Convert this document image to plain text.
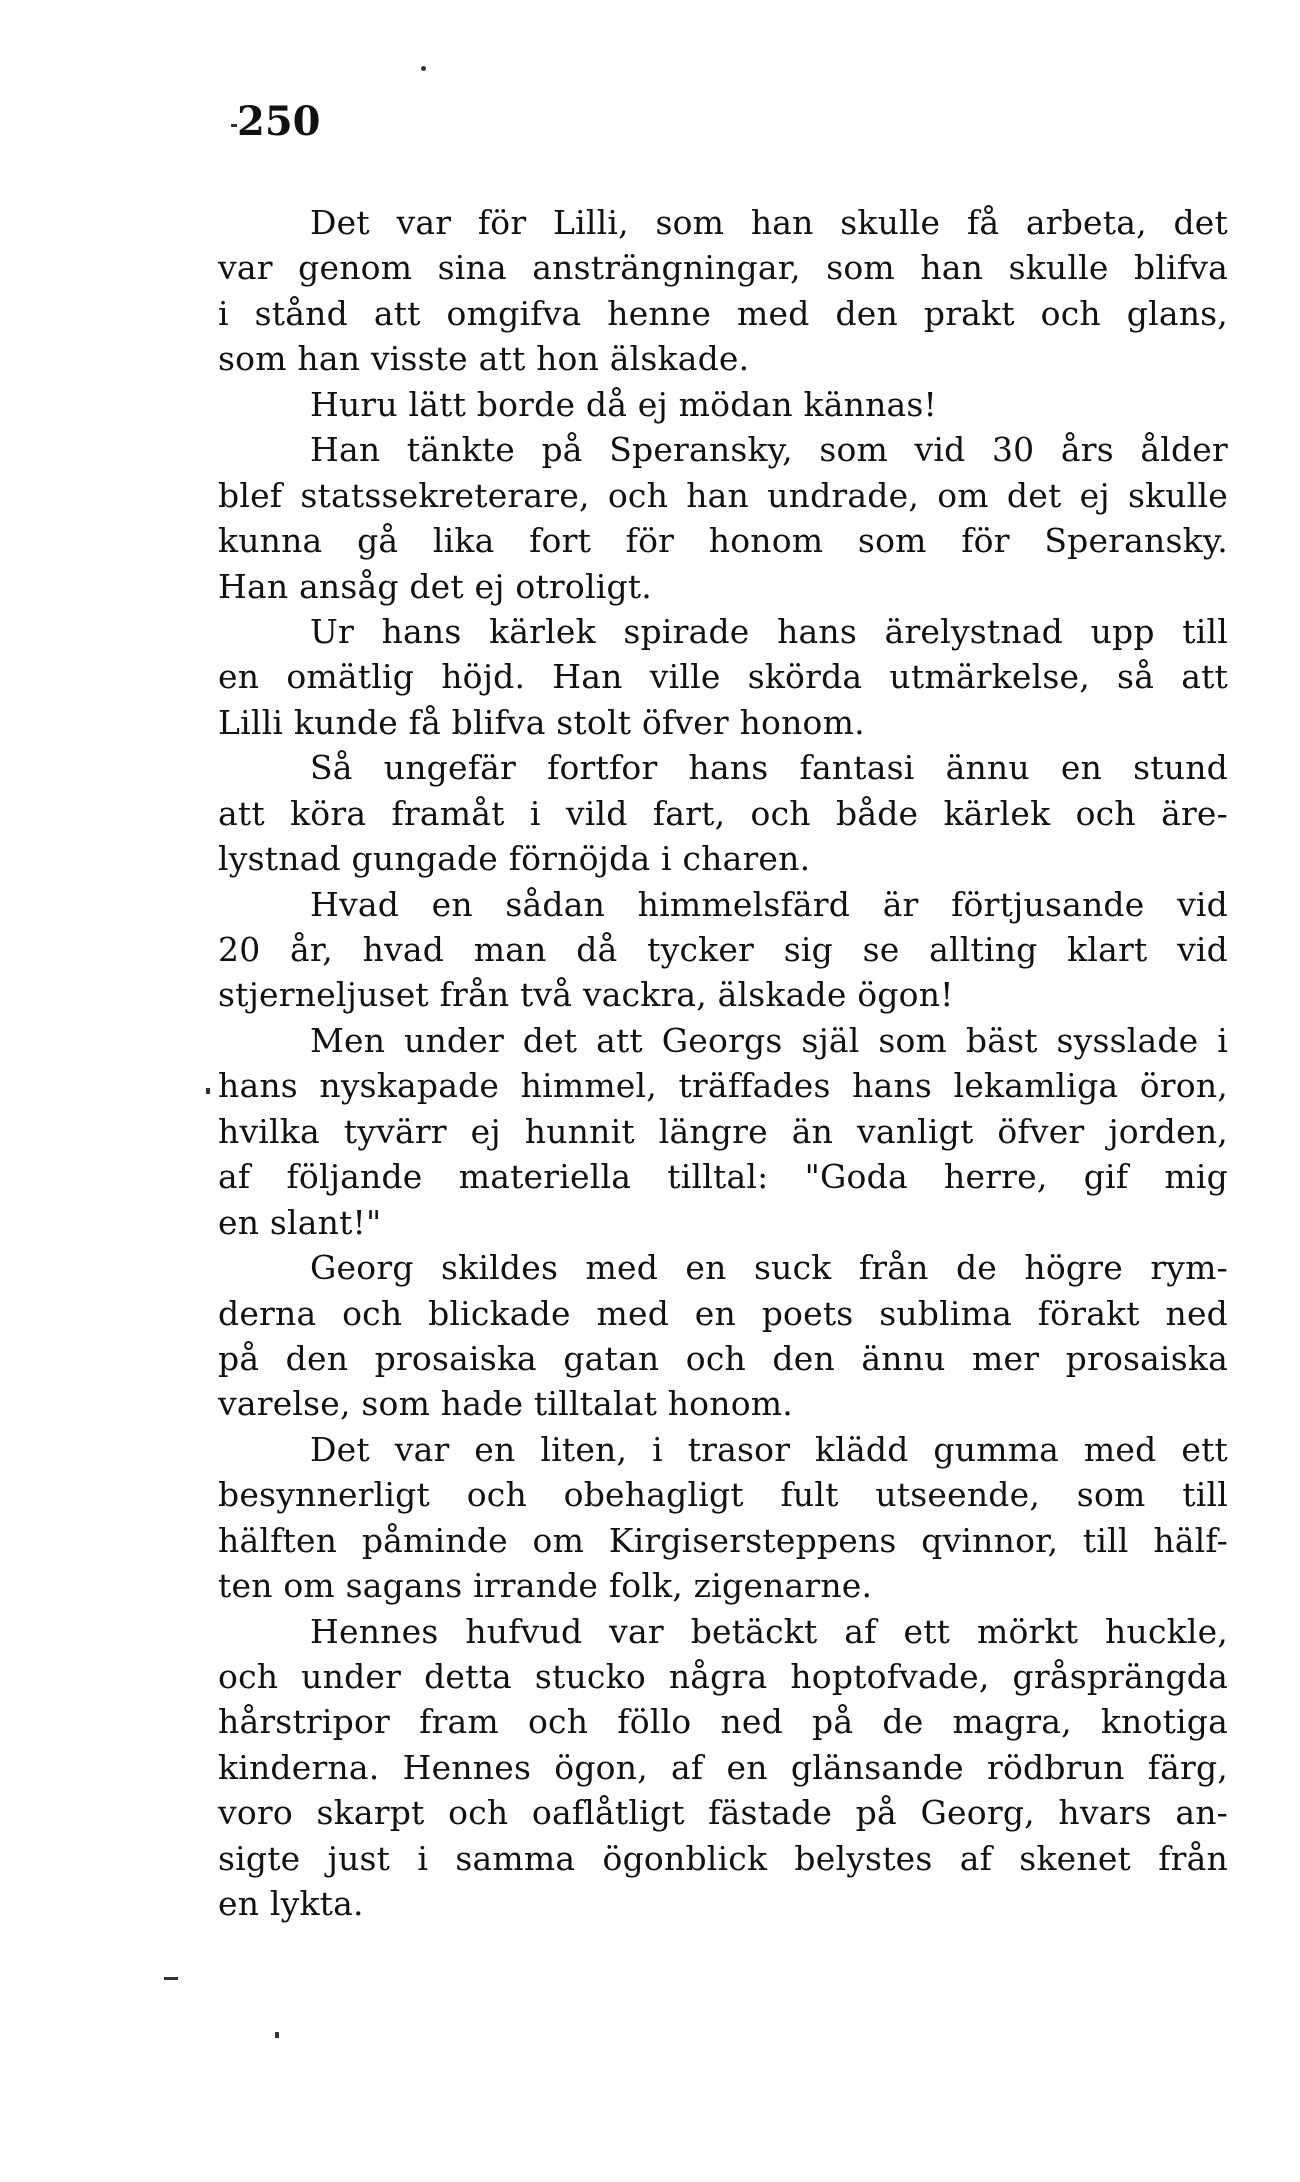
250
Det var för Lilli, som han skulle få arbeta, det
var genom sina ansträngningar, som han skulle blifva
i stånd att omgifva henne med den prakt och glans,
som han visste att hon älskade.
Huru lätt borde då ej mödan kännas!
Han tänkte på Speransky, som vid 30 års ålder
blef statssekreterare, och han undrade, om det ej skulle
kunna gå lika fort för honom som för Speransky.
Han ansåg det ej otroligt.
Ur hans kärlek spirade hans ärelystnad upp till
en omätlig höjd. Han ville skörda utmärkelse, så att
Lilli kunde få blifva stolt öfver honom.
Så ungefär fortfor hans fantasi ännu en stund
att köra framåt i vild fart, och både kärlek och äre-
lystnad gungade förnöjda i charen.
Hvad en sådan himmelsfärd är förtjusande vid
20 år, hvad man då tycker sig se allting klart vid
stjerneljuset från två vackra, älskade ögon!
Men under det att Georgs själ som bäst sysslade i
hans nyskapade himmel, träffades hans lekamliga öron,
hvilka tyvärr ej hunnit längre än vanligt öfver jorden,
af följande materiella tilltal: "Goda herre, gif mig
en slant!"
Georg skildes med en suck från de högre rym-
derna och blickade med en poets sublima förakt ned
på den prosaiska gatan och den ännu mer prosaiska
varelse, som hade tilltalat honom.
Det var en liten, i trasor klädd gumma med ett
besynnerligt och obehagligt fult utseende, som till
hälften påminde om Kirgisersteppens qvinnor, till hälf-
ten om sagans irrande folk, zigenarne.
Hennes hufvud var betäckt af ett mörkt huckle,
och under detta stucko några hoptofvade, gråsprängda
hårstripor fram och föllo ned på de magra, knotiga
kinderna. Hennes ögon, af en glänsande rödbrun färg,
voro skarpt och oaflåtligt fästade på Georg, hvars an-
sigte just i samma ögonblick belystes af skenet från
en lykta.
